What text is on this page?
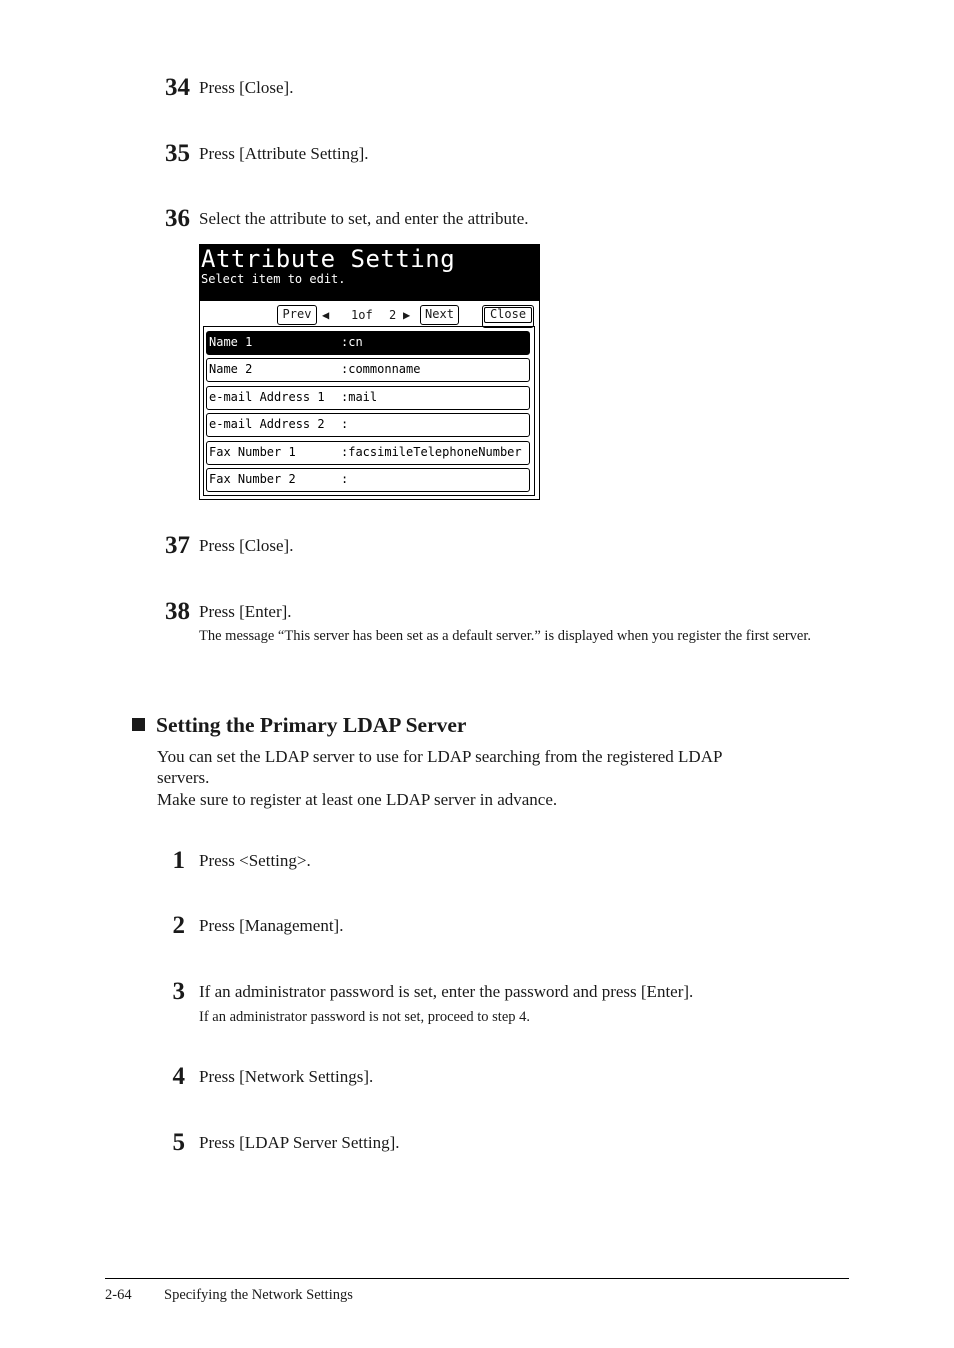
34 Press [Close].
35 Press [Attribute Setting].
36 Select the attribute to set, and enter the attribute.
Attribute Setting
Select item to edit.
Prev ◀ 1of 2 ▶	Next	Close
Name 1	:cn
Name 2	:commonname
e-mail Address 1 :mail
e-mail Address 2 :
Fax Number 1	:facsimileTelephoneNumber
Fax Number 2	:
37 Press [Close].
38 Press [Enter].
The message “This server has been set as a default server.” is displayed when you register the first server.
Setting the Primary LDAP Server
You can set the LDAP server to use for LDAP searching from the registered LDAP
servers.
Make sure to register at least one LDAP server in advance.
1 Press <Setting>.
2 Press [Management].
3 If an administrator password is set, enter the password and press [Enter].
If an administrator password is not set, proceed to step 4.
4 Press [Network Settings].
5 Press [LDAP Server Setting].
2-64 Specifying the Network Settings
